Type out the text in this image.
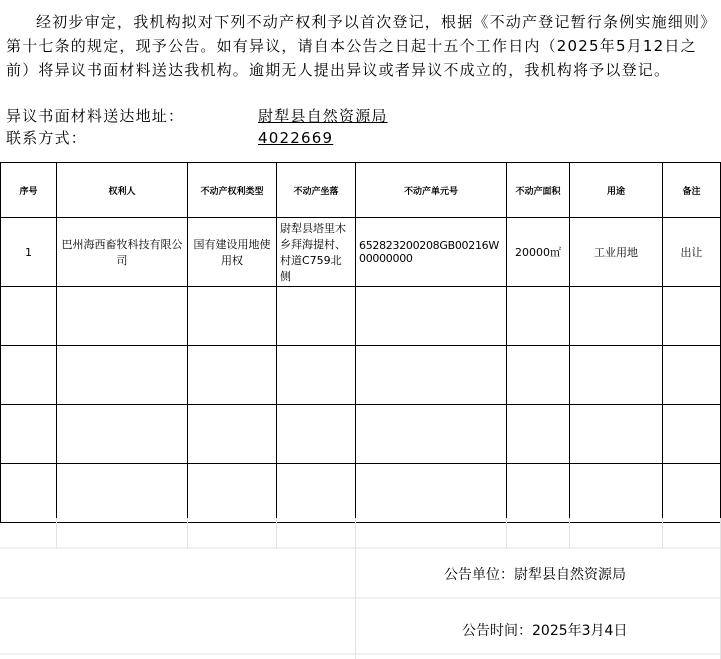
经初步审定，我机构拟对下列不动产权利予以首次登记，根据《不动产登记暂行条例实施细则》第十七条的规定，现予公告。如有异议，请自本公告之日起十五个工作日内（2025年5月12日之前）将异议书面材料送达我机构。逾期无人提出异议或者异议不成立的，我机构将予以登记。

异议书面材料送达地址：	尉犁县自然资源局
联系方式：	4022669
序号	权利人	不动产权利类型	不动产坐落	不动产单元号	不动产面积	用途	备注
1	巴州海西畜牧科技有限公司	国有建设用地使用权	尉犁县塔里木乡拜海提村、村道C759北侧	652823200208GB00216W00000000	20000㎡	工业用地	出让

公告单位：尉犁县自然资源局
公告时间：2025年3月4日
